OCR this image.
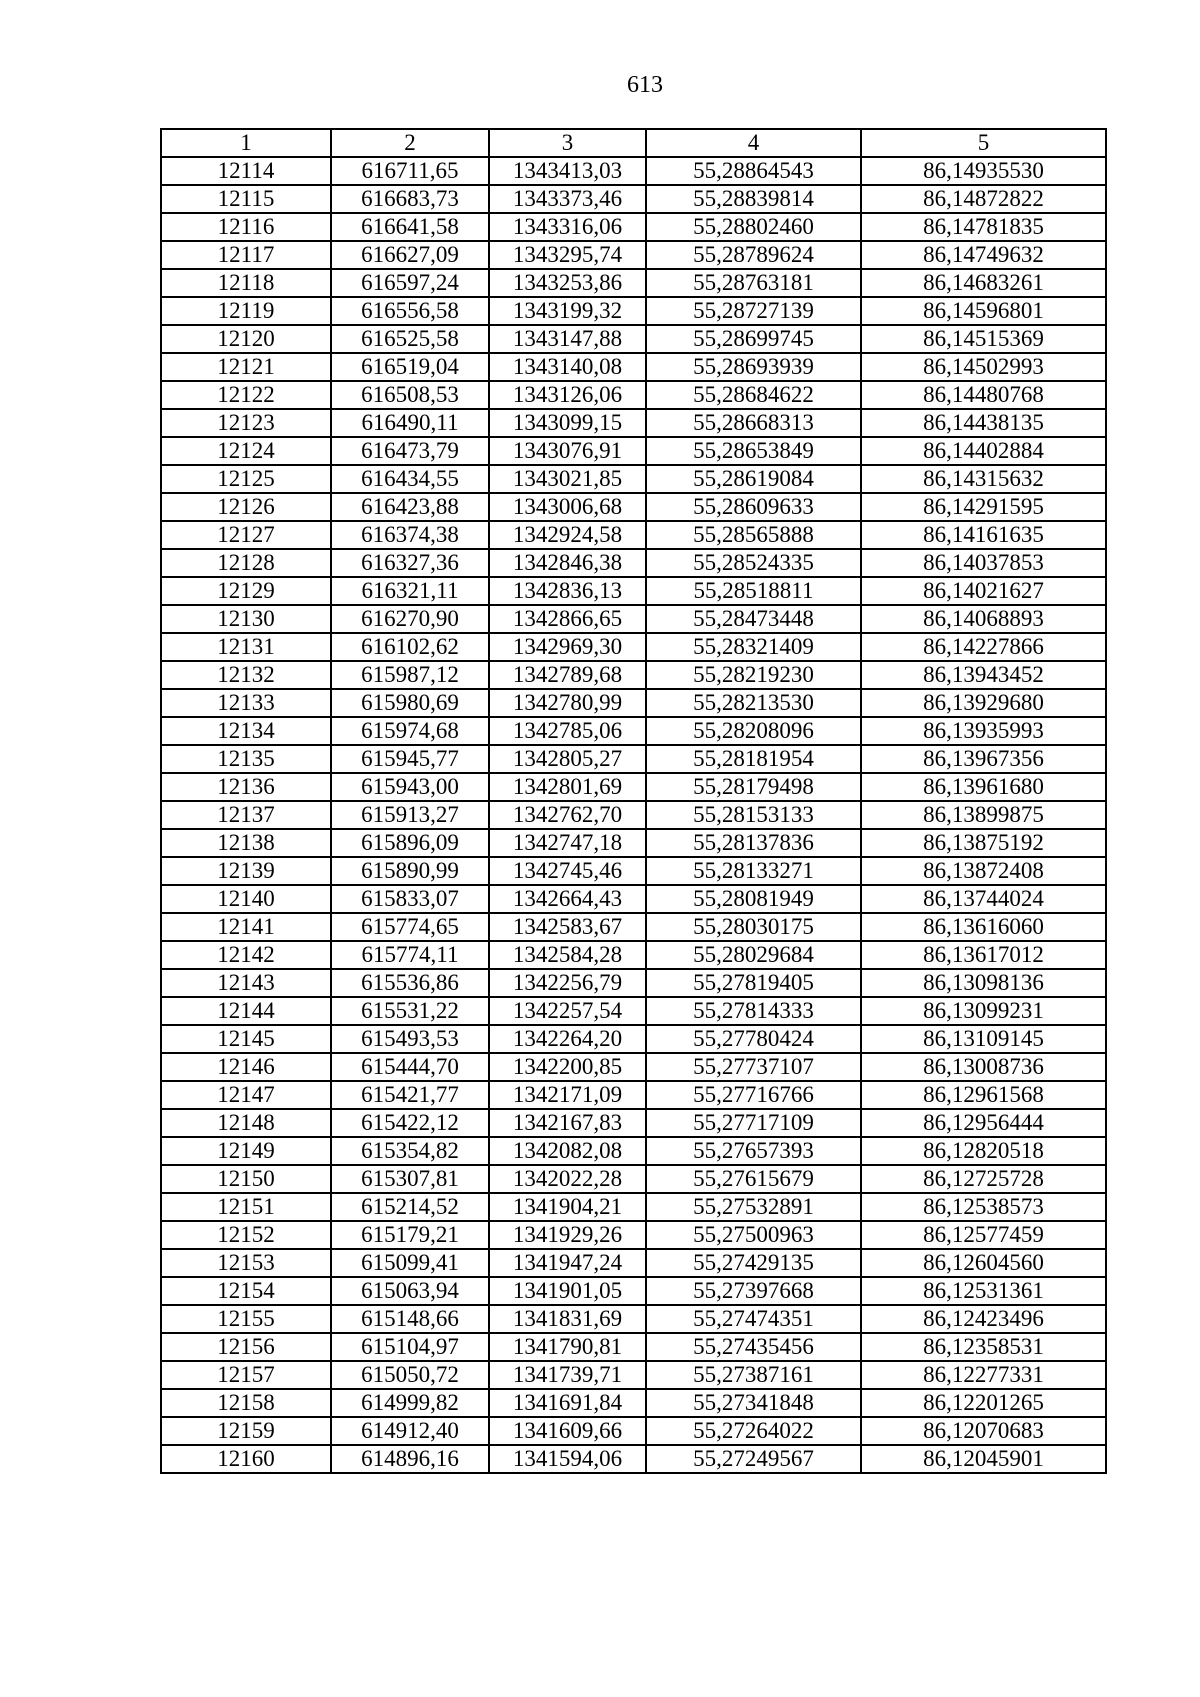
613
1	2	3	4	5
12114	616711,65	1343413,03	55,28864543	86,14935530
12115	616683,73	1343373,46	55,28839814	86,14872822
12116	616641,58	1343316,06	55,28802460	86,14781835
12117	616627,09	1343295,74	55,28789624	86,14749632
12118	616597,24	1343253,86	55,28763181	86,14683261
12119	616556,58	1343199,32	55,28727139	86,14596801
12120	616525,58	1343147,88	55,28699745	86,14515369
12121	616519,04	1343140,08	55,28693939	86,14502993
12122	616508,53	1343126,06	55,28684622	86,14480768
12123	616490,11	1343099,15	55,28668313	86,14438135
12124	616473,79	1343076,91	55,28653849	86,14402884
12125	616434,55	1343021,85	55,28619084	86,14315632
12126	616423,88	1343006,68	55,28609633	86,14291595
12127	616374,38	1342924,58	55,28565888	86,14161635
12128	616327,36	1342846,38	55,28524335	86,14037853
12129	616321,11	1342836,13	55,28518811	86,14021627
12130	616270,90	1342866,65	55,28473448	86,14068893
12131	616102,62	1342969,30	55,28321409	86,14227866
12132	615987,12	1342789,68	55,28219230	86,13943452
12133	615980,69	1342780,99	55,28213530	86,13929680
12134	615974,68	1342785,06	55,28208096	86,13935993
12135	615945,77	1342805,27	55,28181954	86,13967356
12136	615943,00	1342801,69	55,28179498	86,13961680
12137	615913,27	1342762,70	55,28153133	86,13899875
12138	615896,09	1342747,18	55,28137836	86,13875192
12139	615890,99	1342745,46	55,28133271	86,13872408
12140	615833,07	1342664,43	55,28081949	86,13744024
12141	615774,65	1342583,67	55,28030175	86,13616060
12142	615774,11	1342584,28	55,28029684	86,13617012
12143	615536,86	1342256,79	55,27819405	86,13098136
12144	615531,22	1342257,54	55,27814333	86,13099231
12145	615493,53	1342264,20	55,27780424	86,13109145
12146	615444,70	1342200,85	55,27737107	86,13008736
12147	615421,77	1342171,09	55,27716766	86,12961568
12148	615422,12	1342167,83	55,27717109	86,12956444
12149	615354,82	1342082,08	55,27657393	86,12820518
12150	615307,81	1342022,28	55,27615679	86,12725728
12151	615214,52	1341904,21	55,27532891	86,12538573
12152	615179,21	1341929,26	55,27500963	86,12577459
12153	615099,41	1341947,24	55,27429135	86,12604560
12154	615063,94	1341901,05	55,27397668	86,12531361
12155	615148,66	1341831,69	55,27474351	86,12423496
12156	615104,97	1341790,81	55,27435456	86,12358531
12157	615050,72	1341739,71	55,27387161	86,12277331
12158	614999,82	1341691,84	55,27341848	86,12201265
12159	614912,40	1341609,66	55,27264022	86,12070683
12160	614896,16	1341594,06	55,27249567	86,12045901
